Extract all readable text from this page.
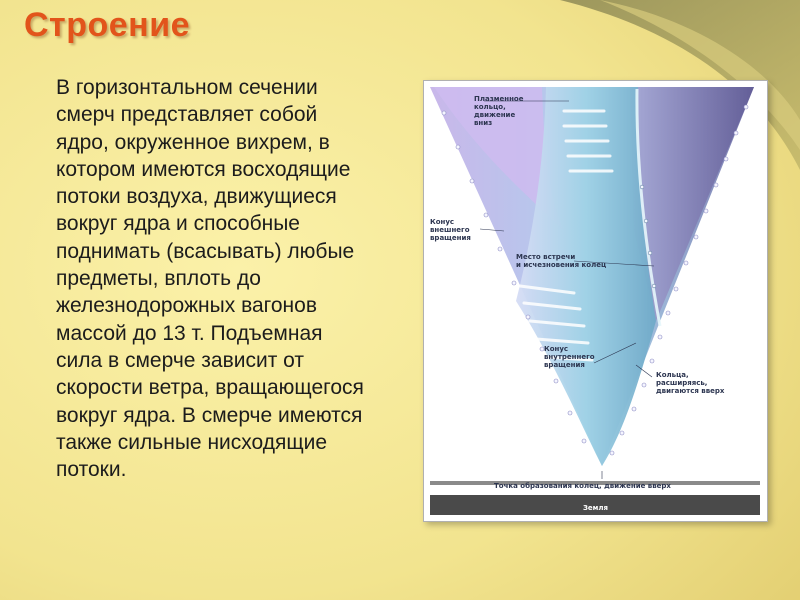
Строение
В горизонтальном сечении
смерч представляет собой
ядро, окруженное вихрем, в
котором имеются восходящие
потоки воздуха, движущиеся
вокруг ядра и способные
поднимать (всасывать) любые
предметы, вплоть до
железнодорожных вагонов
массой до 13 т. Подъемная
сила в смерче зависит от
скорости ветра, вращающегося
вокруг ядра. В смерче имеются
также сильные нисходящие
потоки.
Плазменное
кольцо,
движение
вниз
Конус
внешнего
вращения
Место встречи
и исчезновения колец
Конус
внутреннего
вращения
Кольца,
расширяясь,
двигаются вверх
Точка образования колец, движение вверх
Земля
